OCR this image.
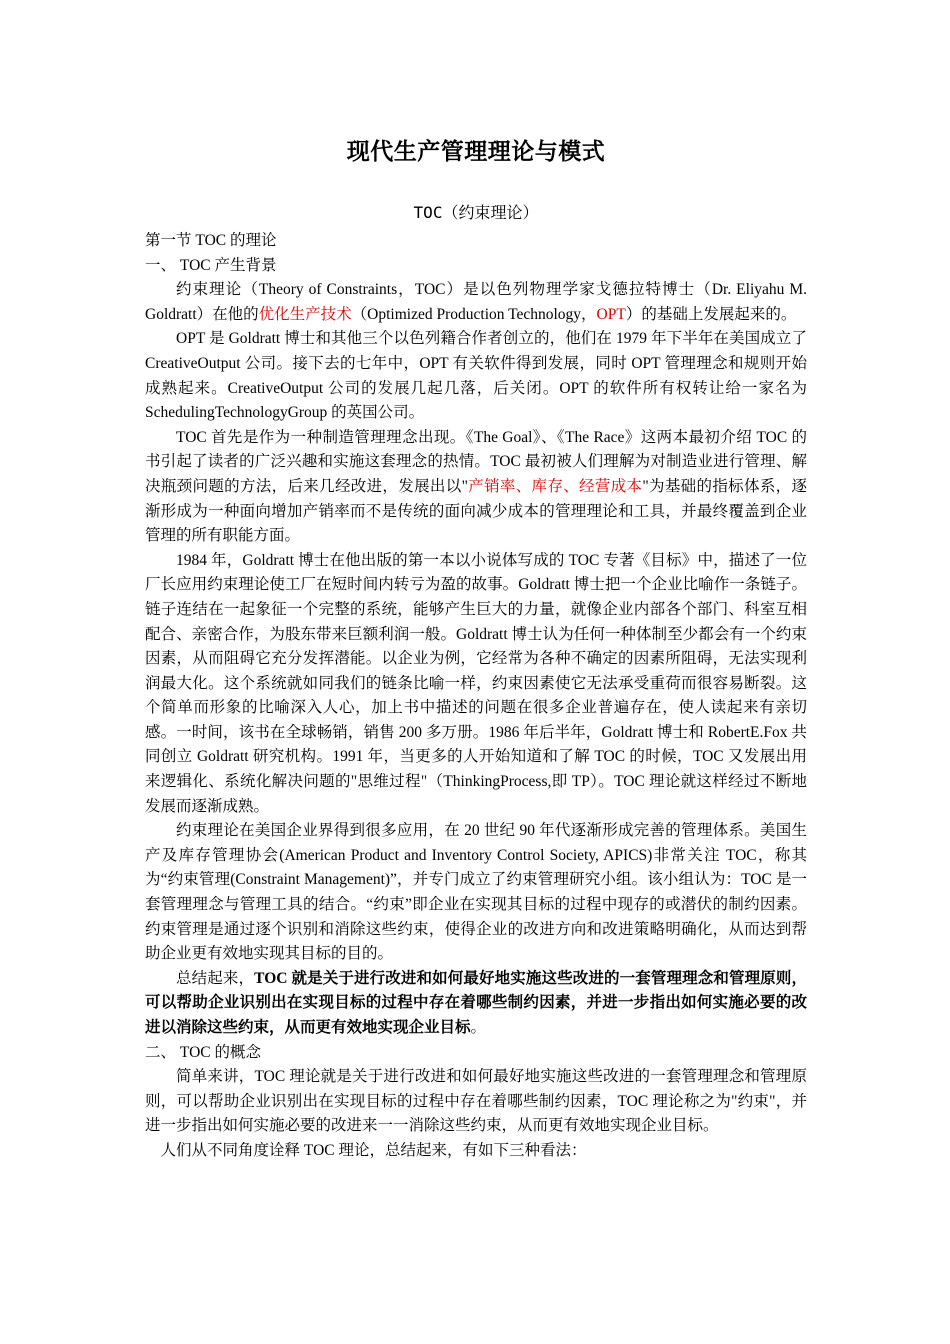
现代生产管理理论与模式
TOC（约束理论）

第一节 TOC 的理论

一、 TOC 产生背景

约束理论（Theory of Constraints，TOC）是以色列物理学家戈德拉特博士（Dr. Eliyahu M. Goldratt）在他的优化生产技术（Optimized Production Technology，OPT）的基础上发展起来的。

OPT 是 Goldratt 博士和其他三个以色列籍合作者创立的，他们在 1979 年下半年在美国成立了 CreativeOutput 公司。接下去的七年中，OPT 有关软件得到发展，同时 OPT 管理理念和规则开始成熟起来。CreativeOutput 公司的发展几起几落，后关闭。OPT 的软件所有权转让给一家名为 SchedulingTechnologyGroup 的英国公司。

TOC 首先是作为一种制造管理理念出现。《The Goal》、《The Race》这两本最初介绍 TOC 的书引起了读者的广泛兴趣和实施这套理念的热情。TOC 最初被人们理解为对制造业进行管理、解决瓶颈问题的方法，后来几经改进，发展出以"产销率、库存、经营成本"为基础的指标体系，逐渐形成为一种面向增加产销率而不是传统的面向减少成本的管理理论和工具，并最终覆盖到企业管理的所有职能方面。

1984 年，Goldratt 博士在他出版的第一本以小说体写成的 TOC 专著《目标》中，描述了一位厂长应用约束理论使工厂在短时间内转亏为盈的故事。Goldratt 博士把一个企业比喻作一条链子。链子连结在一起象征一个完整的系统，能够产生巨大的力量，就像企业内部各个部门、科室互相配合、亲密合作，为股东带来巨额利润一般。Goldratt 博士认为任何一种体制至少都会有一个约束因素，从而阻碍它充分发挥潜能。以企业为例，它经常为各种不确定的因素所阻碍，无法实现利润最大化。这个系统就如同我们的链条比喻一样，约束因素使它无法承受重荷而很容易断裂。这个简单而形象的比喻深入人心，加上书中描述的问题在很多企业普遍存在，使人读起来有亲切感。一时间，该书在全球畅销，销售 200 多万册。1986 年后半年，Goldratt 博士和 RobertE.Fox 共同创立 Goldratt 研究机构。1991 年，当更多的人开始知道和了解 TOC 的时候，TOC 又发展出用来逻辑化、系统化解决问题的"思维过程"（ThinkingProcess,即 TP）。TOC 理论就这样经过不断地发展而逐渐成熟。

约束理论在美国企业界得到很多应用，在 20 世纪 90 年代逐渐形成完善的管理体系。美国生产及库存管理协会(American Product and Inventory Control Society, APICS)非常关注 TOC，称其为“约束管理(Constraint Management)”，并专门成立了约束管理研究小组。该小组认为：TOC 是一套管理理念与管理工具的结合。“约束”即企业在实现其目标的过程中现存的或潜伏的制约因素。约束管理是通过逐个识别和消除这些约束，使得企业的改进方向和改进策略明确化，从而达到帮助企业更有效地实现其目标的目的。

总结起来，TOC 就是关于进行改进和如何最好地实施这些改进的一套管理理念和管理原则，可以帮助企业识别出在实现目标的过程中存在着哪些制约因素，并进一步指出如何实施必要的改进以消除这些约束，从而更有效地实现企业目标。

二、 TOC 的概念

简单来讲，TOC 理论就是关于进行改进和如何最好地实施这些改进的一套管理理念和管理原则，可以帮助企业识别出在实现目标的过程中存在着哪些制约因素，TOC 理论称之为"约束"，并进一步指出如何实施必要的改进来一一消除这些约束，从而更有效地实现企业目标。

人们从不同角度诠释 TOC 理论，总结起来，有如下三种看法：
